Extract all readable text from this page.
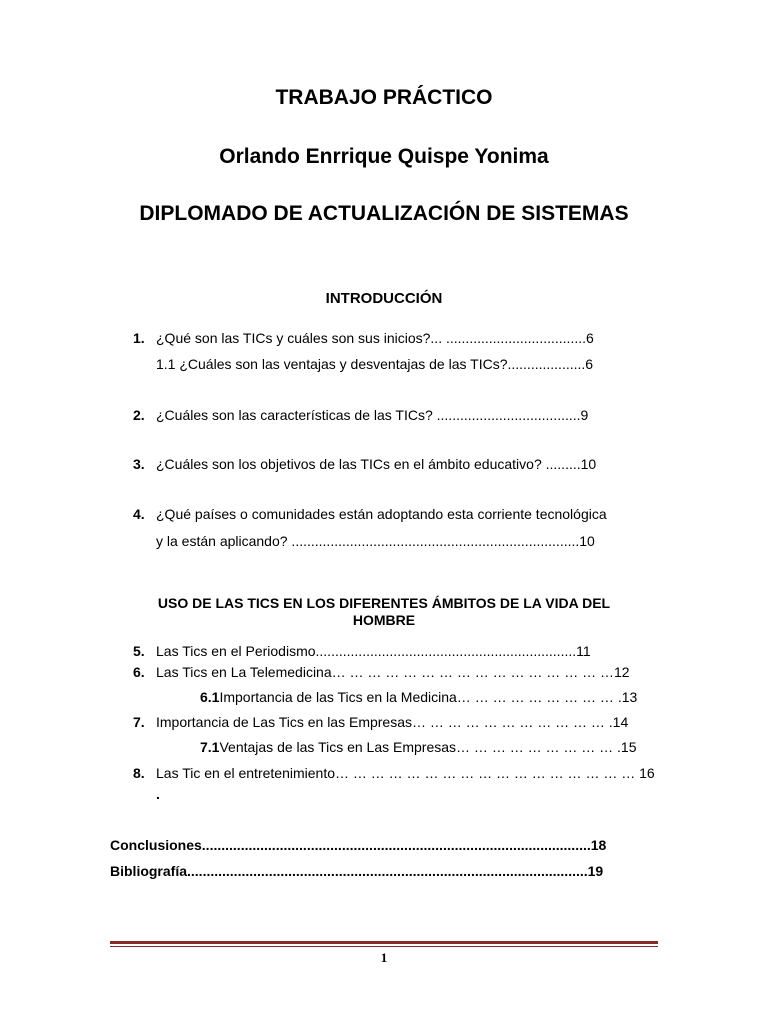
TRABAJO PRÁCTICO
Orlando Enrrique Quispe Yonima
DIPLOMADO DE ACTUALIZACIÓN DE SISTEMAS
INTRODUCCIÓN
1. ¿Qué son las TICs y cuáles son sus inicios?... ....................................6
1.1 ¿Cuáles son las ventajas y desventajas de las TICs?....................6
2. ¿Cuáles son las características de las TICs? .....................................9
3. ¿Cuáles son los objetivos de las TICs en el ámbito educativo? .........10
4. ¿Qué países o comunidades están adoptando esta corriente tecnológica
y la están aplicando? ..........................................................................10
USO DE LAS TICS EN LOS DIFERENTES ÁMBITOS DE LA VIDA DEL
HOMBRE
5. Las Tics en el Periodismo...................................................................11
6. Las Tics en La Telemedicina… … … … … … … … … … … … … … … …12
6.1Importancia de las Tics en la Medicina… … … … … … … … … .13
7. Importancia de Las Tics en las Empresas… … … … … … … … … … … .14
7.1Ventajas de las Tics en Las Empresas… … … … … … … … … .15
8. Las Tic en el entretenimiento… … … … … … … … … … … … … … … … … 16
.
Conclusiones....................................................................................................18
Bibliografía.......................................................................................................19
1
